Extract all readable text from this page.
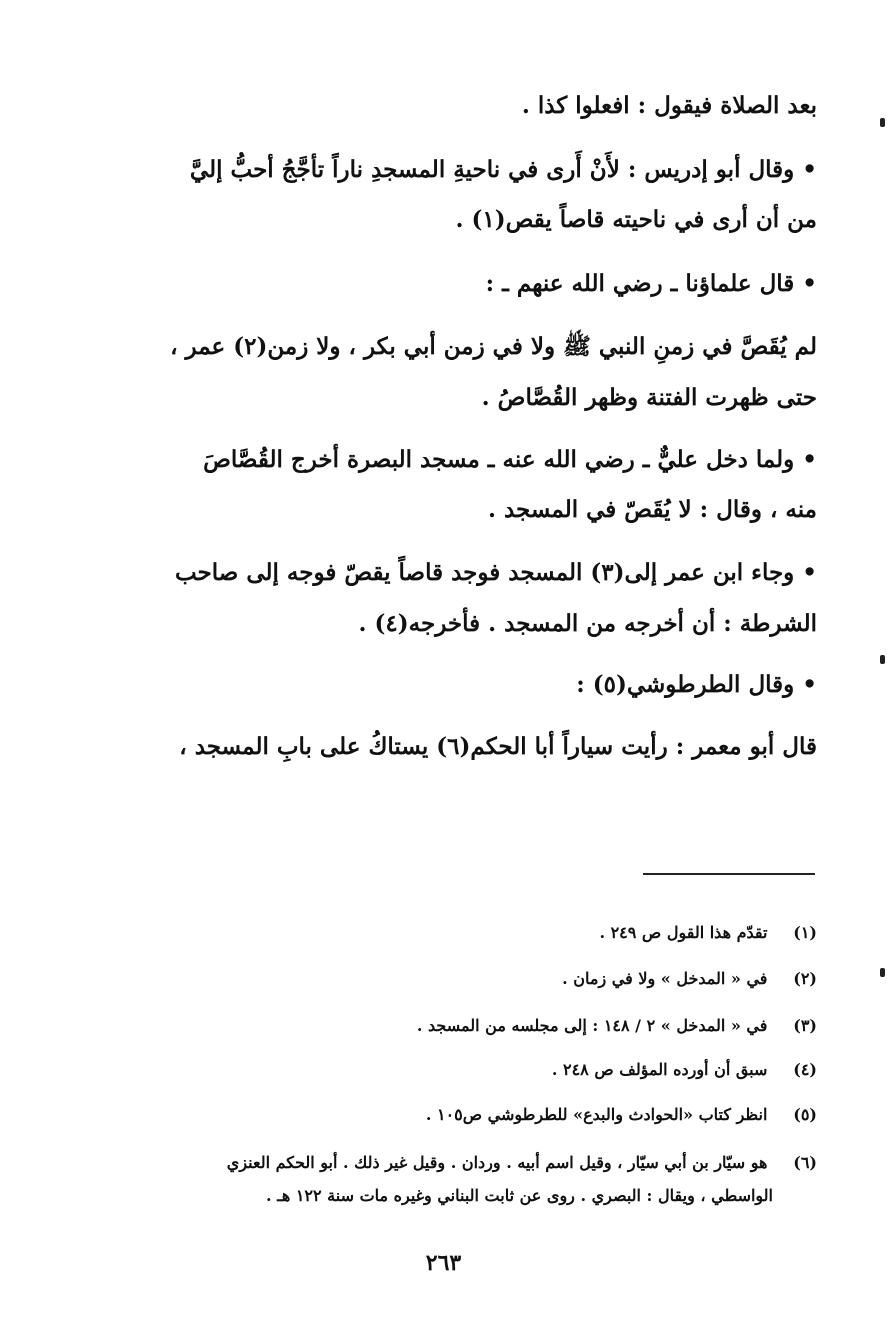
بعد الصلاة فيقول : افعلوا كذا .
• وقال أبو إدريس : لأَنْ أَرى في ناحيةِ المسجدِ ناراً تأجَّجُ أحبُّ إليَّ
من أن أرى في ناحيته قاصاً يقص(١) .
• قال علماؤنا ـ رضي الله عنهم ـ :
لم يُقَصَّ في زمنِ النبي ﷺ ولا في زمن أبي بكر ، ولا زمن(٢) عمر ،
حتى ظهرت الفتنة وظهر القُصَّاصُ .
• ولما دخل عليٌّ ـ رضي الله عنه ـ مسجد البصرة أخرج القُصَّاصَ
منه ، وقال : لا يُقَصّ في المسجد .
• وجاء ابن عمر إلى(٣) المسجد فوجد قاصاً يقصّ فوجه إلى صاحب
الشرطة : أن أخرجه من المسجد . فأخرجه(٤) .
• وقال الطرطوشي(٥) :
قال أبو معمر : رأيت سياراً أبا الحكم(٦) يستاكُ على بابِ المسجد ،
(١) تقدّم هذا القول ص ٢٤٩ .
(٢) في « المدخل » ولا في زمان .
(٣) في « المدخل » ٢ / ١٤٨ : إلى مجلسه من المسجد .
(٤) سبق أن أورده المؤلف ص ٢٤٨ .
(٥) انظر كتاب «الحوادث والبدع» للطرطوشي ص١٠٥ .
(٦) هو سيّار بن أبي سيّار ، وقيل اسم أبيه . وردان . وقيل غير ذلك . أبو الحكم العنزي
الواسطي ، ويقال : البصري . روى عن ثابت البناني وغيره مات سنة ١٢٢ هـ .
٢٦٣
